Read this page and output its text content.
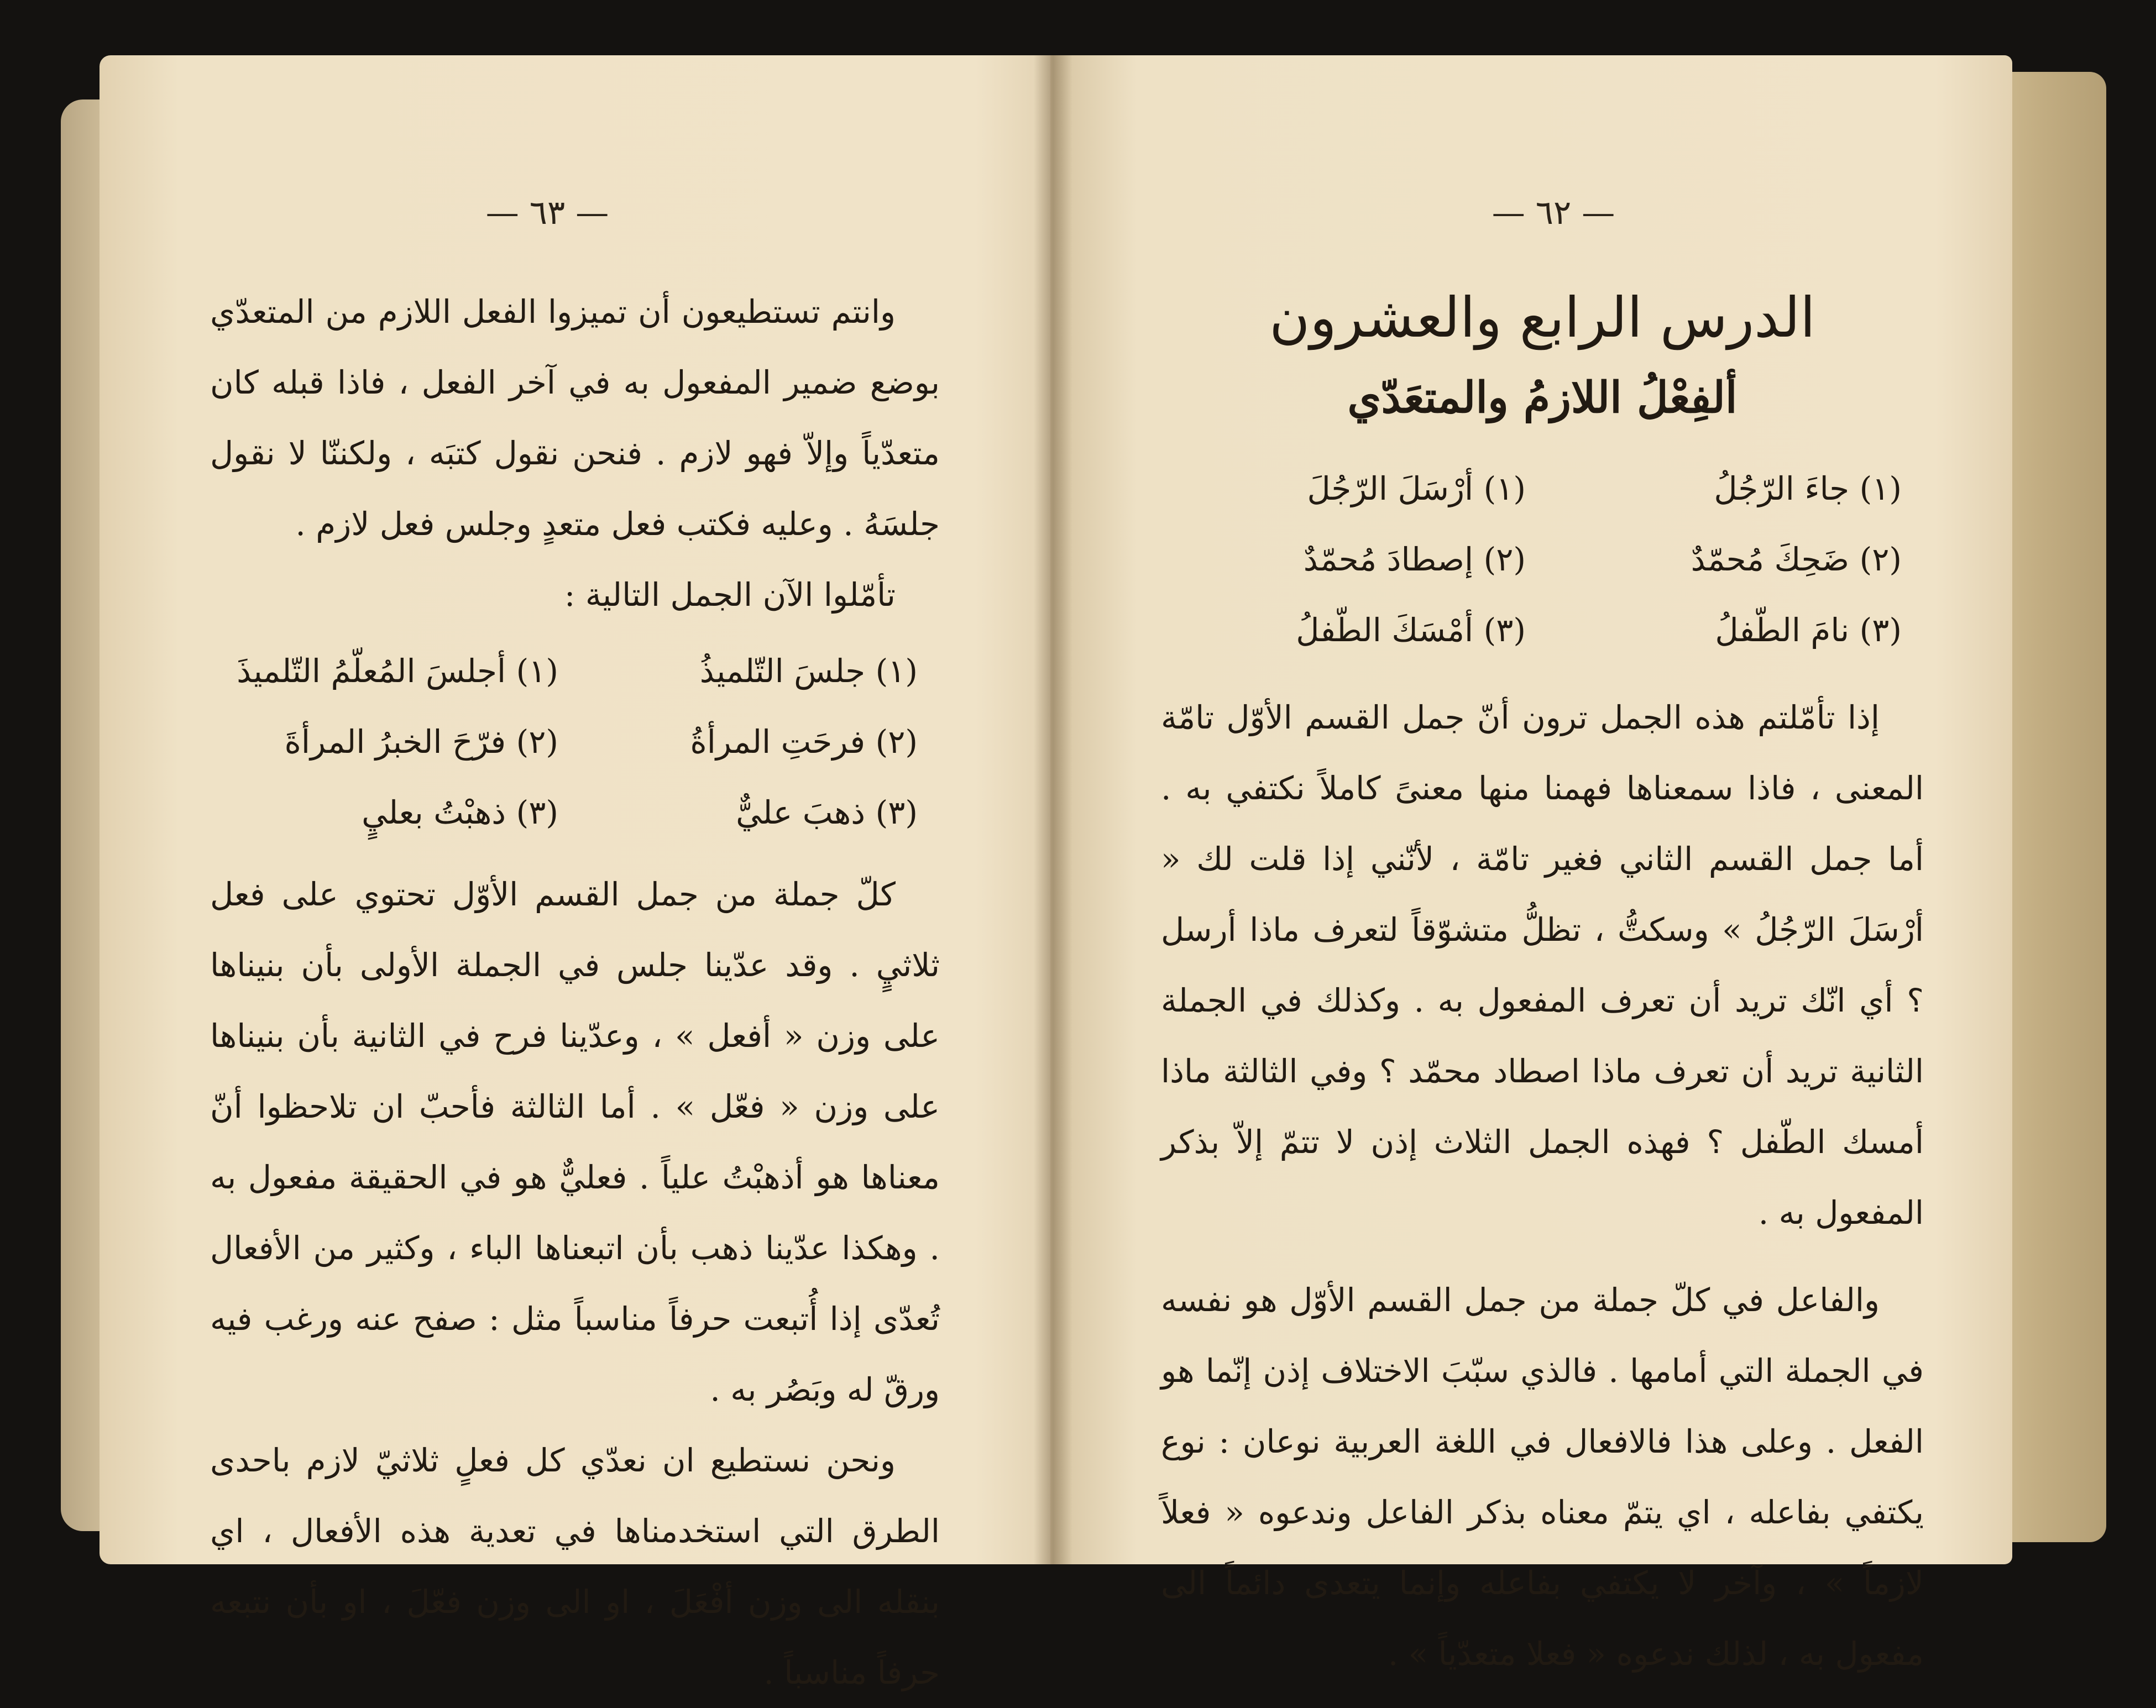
— ٦٣ —

وانتم تستطيعون أن تميزوا الفعل اللازم من المتعدّي بوضع ضمير المفعول به في آخر الفعل ، فاذا قبله كان متعدّياً وإلاّ فهو لازم . فنحن نقول كتبَه ، ولكننّا لا نقول جلسَهُ . وعليه فكتب فعل متعدٍ وجلس فعل لازم .

تأمّلوا الآن الجمل التالية :

(١) جلسَ التّلميذُ
(١) أجلسَ المُعلّمُ التّلميذَ
(٢) فرحَتِ المرأةُ
(٢) فرّحَ الخبرُ المرأةَ
(٣) ذهبَ عليٌّ
(٣) ذهبْتُ بعليٍ

كلّ جملة من جمل القسم الأوّل تحتوي على فعل ثلاثيٍ . وقد عدّينا جلس في الجملة الأولى بأن بنيناها على وزن « أفعل » ، وعدّينا فرح في الثانية بأن بنيناها على وزن « فعّل » . أما الثالثة فأحبّ ان تلاحظوا أنّ معناها هو أذهبْتُ علياً . فعليٌّ هو في الحقيقة مفعول به . وهكذا عدّينا ذهب بأن اتبعناها الباء ، وكثير من الأفعال تُعدّى إذا أُتبعت حرفاً مناسباً مثل : صفح عنه ورغب فيه ورقّ له وبَصُر به .

ونحن نستطيع ان نعدّي كل فعلٍ ثلاثيّ لازم باحدى الطرق التي استخدمناها في تعدية هذه الأفعال ، اي بنقله الى وزن أفْعَلَ ، او الى وزن فعّلَ ، او بأن نتبعه حرفاً مناسباً .

— ٦٢ —
الدرس الرابع والعشرون
ألفِعْلُ اللازمُ والمتعَدّي
(١) جاءَ الرّجُلُ
(١) أرْسَلَ الرّجُلَ
(٢) ضَحِكَ مُحمّدٌ
(٢) إصطادَ مُحمّدٌ
(٣) نامَ الطّفلُ
(٣) أمْسَكَ الطّفلُ

إذا تأمّلتم هذه الجمل ترون أنّ جمل القسم الأوّل تامّة المعنى ، فاذا سمعناها فهمنا منها معنىً كاملاً نكتفي به . أما جمل القسم الثاني فغير تامّة ، لأنّني إذا قلت لك « أرْسَلَ الرّجُلُ » وسكتُّ ، تظلُّ متشوّقاً لتعرف ماذا أرسل ؟ أي انّك تريد أن تعرف المفعول به . وكذلك في الجملة الثانية تريد أن تعرف ماذا اصطاد محمّد ؟ وفي الثالثة ماذا أمسك الطّفل ؟ فهذه الجمل الثلاث إذن لا تتمّ إلاّ بذكر المفعول به .

والفاعل في كلّ جملة من جمل القسم الأوّل هو نفسه في الجملة التي أمامها . فالذي سبّبَ الاختلاف إذن إنّما هو الفعل . وعلى هذا فالافعال في اللغة العربية نوعان : نوع يكتفي بفاعله ، اي يتمّ معناه بذكر الفاعل وندعوه « فعلاً لازماً » ، وآخر لا يكتفي بفاعله وإنما يتعدى دائماً الى مفعول به ، لذلك ندعوه « فعلا متعدّياً » .
